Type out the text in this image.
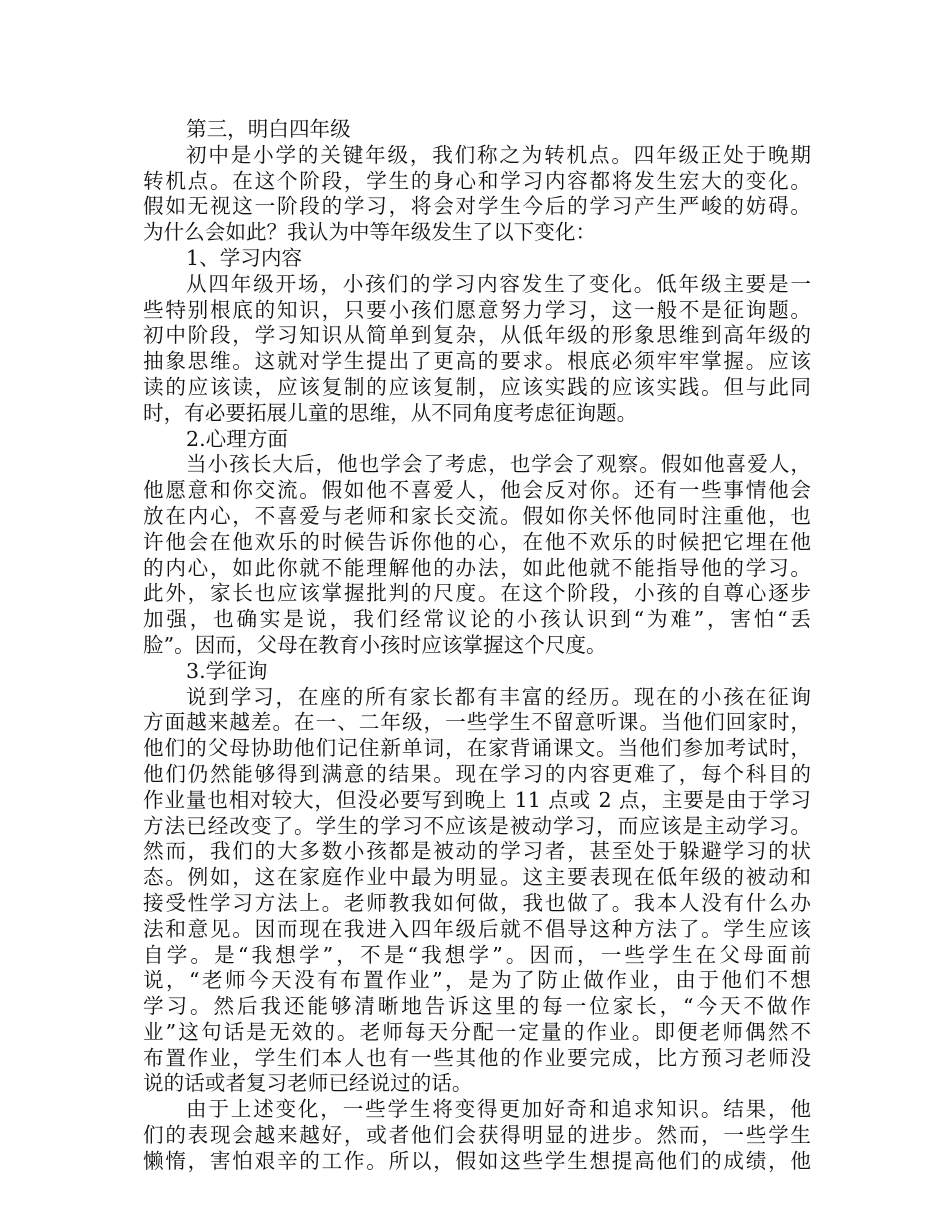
第三，明白四年级
初中是小学的关键年级，我们称之为转机点。四年级正处于晚期
转机点。在这个阶段，学生的身心和学习内容都将发生宏大的变化。
假如无视这一阶段的学习，将会对学生今后的学习产生严峻的妨碍。
为什么会如此？我认为中等年级发生了以下变化：
1、学习内容
从四年级开场，小孩们的学习内容发生了变化。低年级主要是一
些特别根底的知识，只要小孩们愿意努力学习，这一般不是征询题。
初中阶段，学习知识从简单到复杂，从低年级的形象思维到高年级的
抽象思维。这就对学生提出了更高的要求。根底必须牢牢掌握。应该
读的应该读，应该复制的应该复制，应该实践的应该实践。但与此同
时，有必要拓展儿童的思维，从不同角度考虑征询题。
2.心理方面
当小孩长大后，他也学会了考虑，也学会了观察。假如他喜爱人，
他愿意和你交流。假如他不喜爱人，他会反对你。还有一些事情他会
放在内心，不喜爱与老师和家长交流。假如你关怀他同时注重他，也
许他会在他欢乐的时候告诉你他的心，在他不欢乐的时候把它埋在他
的内心，如此你就不能理解他的办法，如此他就不能指导他的学习。
此外，家长也应该掌握批判的尺度。在这个阶段，小孩的自尊心逐步
加强，也确实是说，我们经常议论的小孩认识到“为难”，害怕“丢
脸”。因而，父母在教育小孩时应该掌握这个尺度。
3.学征询
说到学习，在座的所有家长都有丰富的经历。现在的小孩在征询
方面越来越差。在一、二年级，一些学生不留意听课。当他们回家时，
他们的父母协助他们记住新单词，在家背诵课文。当他们参加考试时，
他们仍然能够得到满意的结果。现在学习的内容更难了，每个科目的
作业量也相对较大，但没必要写到晚上 11 点或 2 点，主要是由于学习
方法已经改变了。学生的学习不应该是被动学习，而应该是主动学习。
然而，我们的大多数小孩都是被动的学习者，甚至处于躲避学习的状
态。例如，这在家庭作业中最为明显。这主要表现在低年级的被动和
接受性学习方法上。老师教我如何做，我也做了。我本人没有什么办
法和意见。因而现在我进入四年级后就不倡导这种方法了。学生应该
自学。是“我想学”，不是“我想学”。因而，一些学生在父母面前
说，“老师今天没有布置作业”，是为了防止做作业，由于他们不想
学习。然后我还能够清晰地告诉这里的每一位家长，“今天不做作
业”这句话是无效的。老师每天分配一定量的作业。即便老师偶然不
布置作业，学生们本人也有一些其他的作业要完成，比方预习老师没
说的话或者复习老师已经说过的话。
由于上述变化，一些学生将变得更加好奇和追求知识。结果，他
们的表现会越来越好，或者他们会获得明显的进步。然而，一些学生
懒惰，害怕艰辛的工作。所以，假如这些学生想提高他们的成绩，他
